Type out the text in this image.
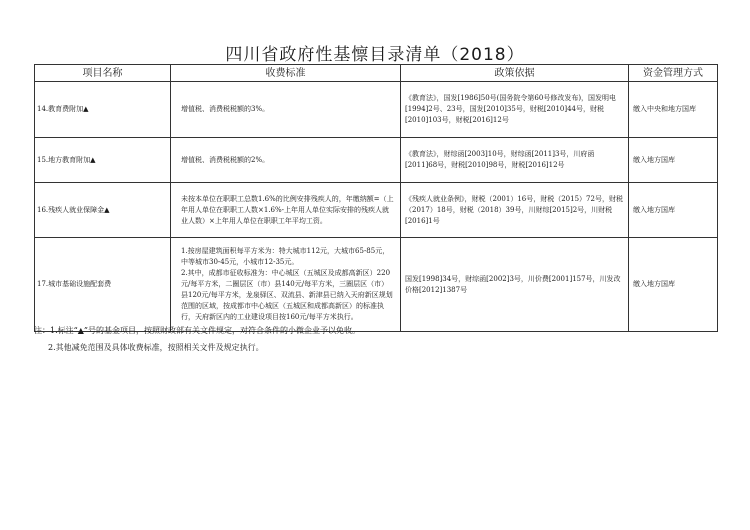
四川省政府性基懔目录清单（2018）
项目名称	收费标准	政策依据	资金管理方式
14.教育费附加▲	增值税、消费税税额的3%。	《教育法》，国发[1986]50号(国务院令第60号修改发布)，国发明电[1994]2号、23号，国发[2010]35号，财税[2010]44号，财税[2010]103号，财税[2016]12号	缴入中央和地方国库
15.地方教育附加▲	增值税、消费税税额的2%。	《教育法》，财综函[2003]10号，财综函[2011]3号，川府函[2011]68号，财税[2010]98号，财税[2016]12号	缴入地方国库
16.残疾人就业保障金▲	未按本单位在职职工总数1.6%的比例安排残疾人的，年缴纳额=（上年用人单位在职职工人数×1.6%-上年用人单位实际安排的残疾人就业人数）×上年用人单位在职职工年平均工资。	《残疾人就业条例》，财税（2001）16号，财税（2015）72号，财税（2017）18号，财税（2018）39号，川财综[2015]2号，川财税[2016]1号	缴入地方国库
17.城市基础设施配套费	1.按房屋建筑面积每平方米为：特大城市112元，大城市65-85元，中等城市30-45元，小城市12-35元。
2.其中，成都市征收标准为：中心城区（五城区及成都高新区）220元/每平方米，二圈层区（市）县140元/每平方米，三圈层区（市）县120元/每平方米，龙泉驿区、双流县、新津县已纳入天府新区规划范围的区域，按成都市中心城区（五城区和成都高新区）的标准执行，天府新区内的工业建设项目按160元/每平方米执行。	国发[1998]34号，财综函[2002]3号，川价费[2001]157号，川发改价格[2012]1387号	缴入地方国库
注：1.标注“▲”号的基金项目，按照财政部有关文件规定，对符合条件的小微企业予以免收。
2.其他减免范围及具体收费标准，按照相关文件及规定执行。
